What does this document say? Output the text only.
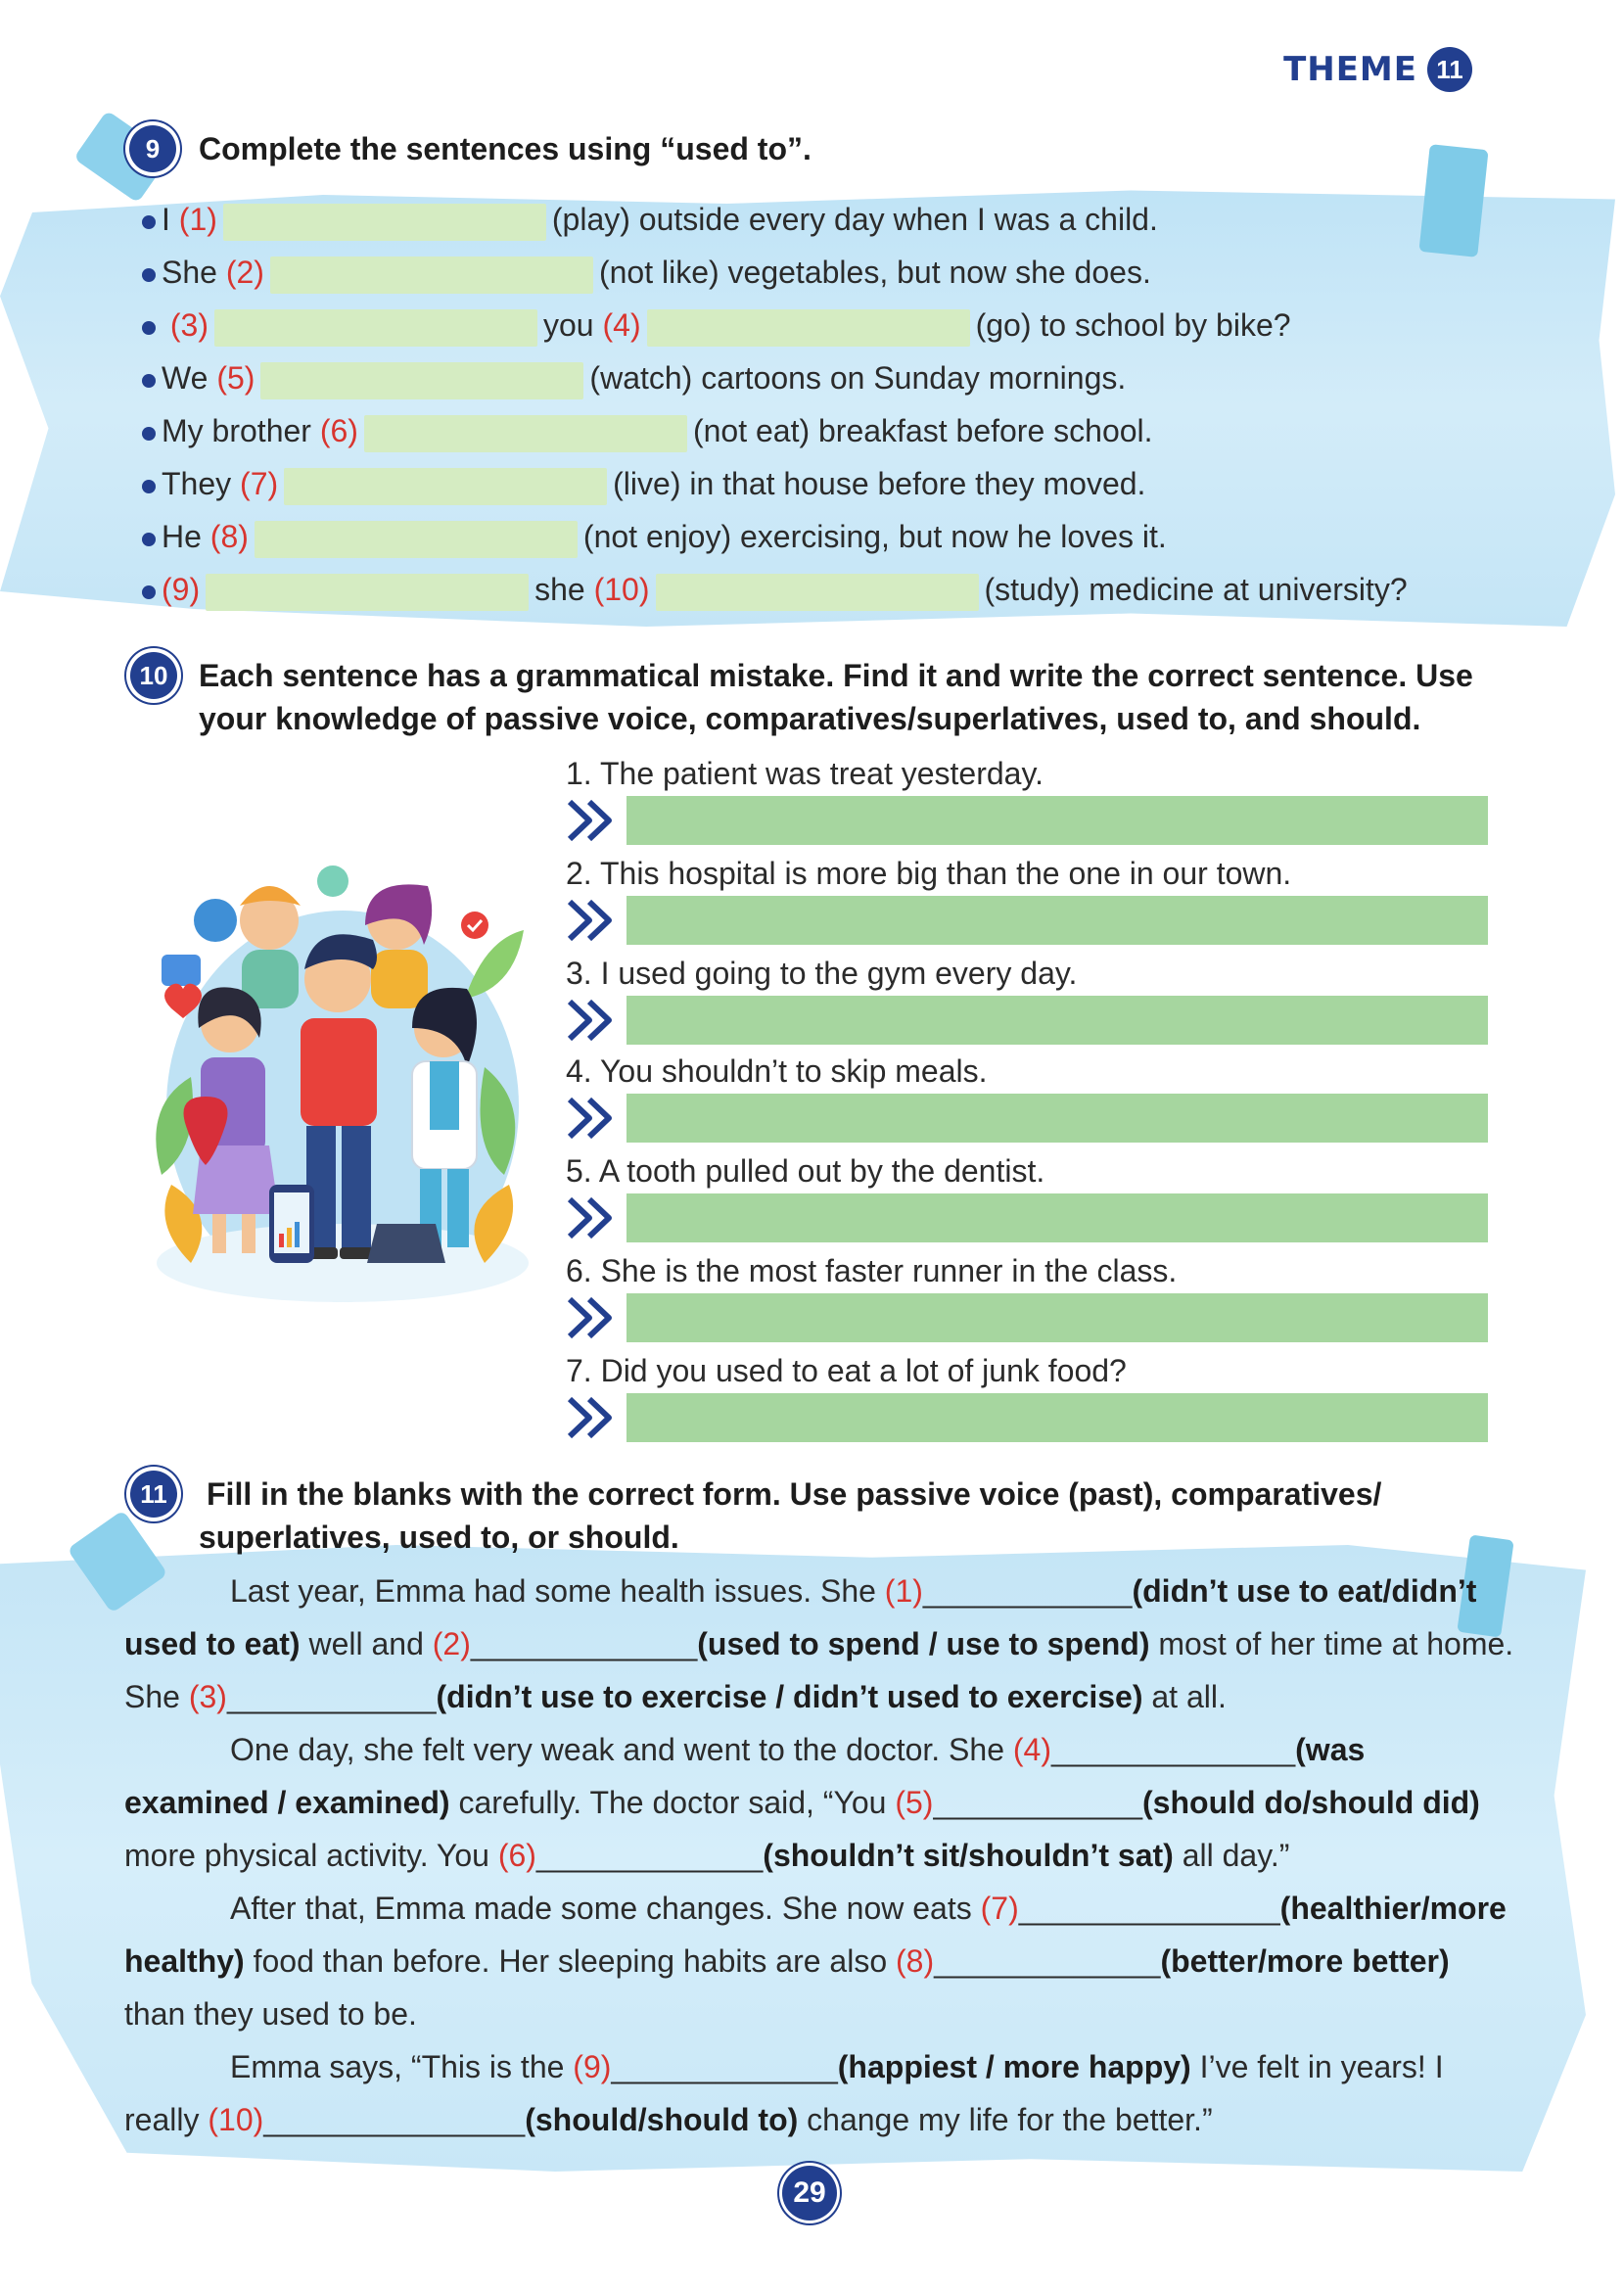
THEME 11
9	Complete the sentences using “used to”.
I (1)	(play) outside every day when I was a child.
She (2)	(not like) vegetables, but now she does.
(3)	you (4)	(go) to school by bike?
We (5)	(watch) cartoons on Sunday mornings.
My brother (6)	(not eat) breakfast before school.
They (7)	(live) in that house before they moved.
He (8)	(not enjoy) exercising, but now he loves it.
(9)	she (10)	(study) medicine at university?
10 Each sentence has a grammatical mistake. Find it and write the correct sentence. Use
your knowledge of passive voice, comparatives/superlatives, used to, and should.
1. The patient was treat yesterday.
2. This hospital is more big than the one in our town.
3. I used going to the gym every day.
4. You shouldn’t to skip meals.
5. A tooth pulled out by the dentist.
6. She is the most faster runner in the class.
7. Did you used to eat a lot of junk food?
11	Fill in the blanks with the correct form. Use passive voice (past), comparatives/
superlatives, used to, or should.
Last year, Emma had some health issues. She (1)____________(didn’t use to eat/didn’t used to eat) well and (2)_____________(used to spend / use to spend) most of her time at home. She (3)____________(didn’t use to exercise / didn’t used to exercise) at all.
One day, she felt very weak and went to the doctor. She (4)______________(was examined / examined) carefully. The doctor said, “You (5)____________(should do/should did) more physical activity. You (6)_____________(shouldn’t sit/shouldn’t sat) all day.”
After that, Emma made some changes. She now eats (7)_______________(healthier/more healthy) food than before. Her sleeping habits are also (8)_____________(better/more better) than they used to be.
Emma says, “This is the (9)_____________(happiest / more happy) I’ve felt in years! I really (10)_______________(should/should to) change my life for the better.”
29
